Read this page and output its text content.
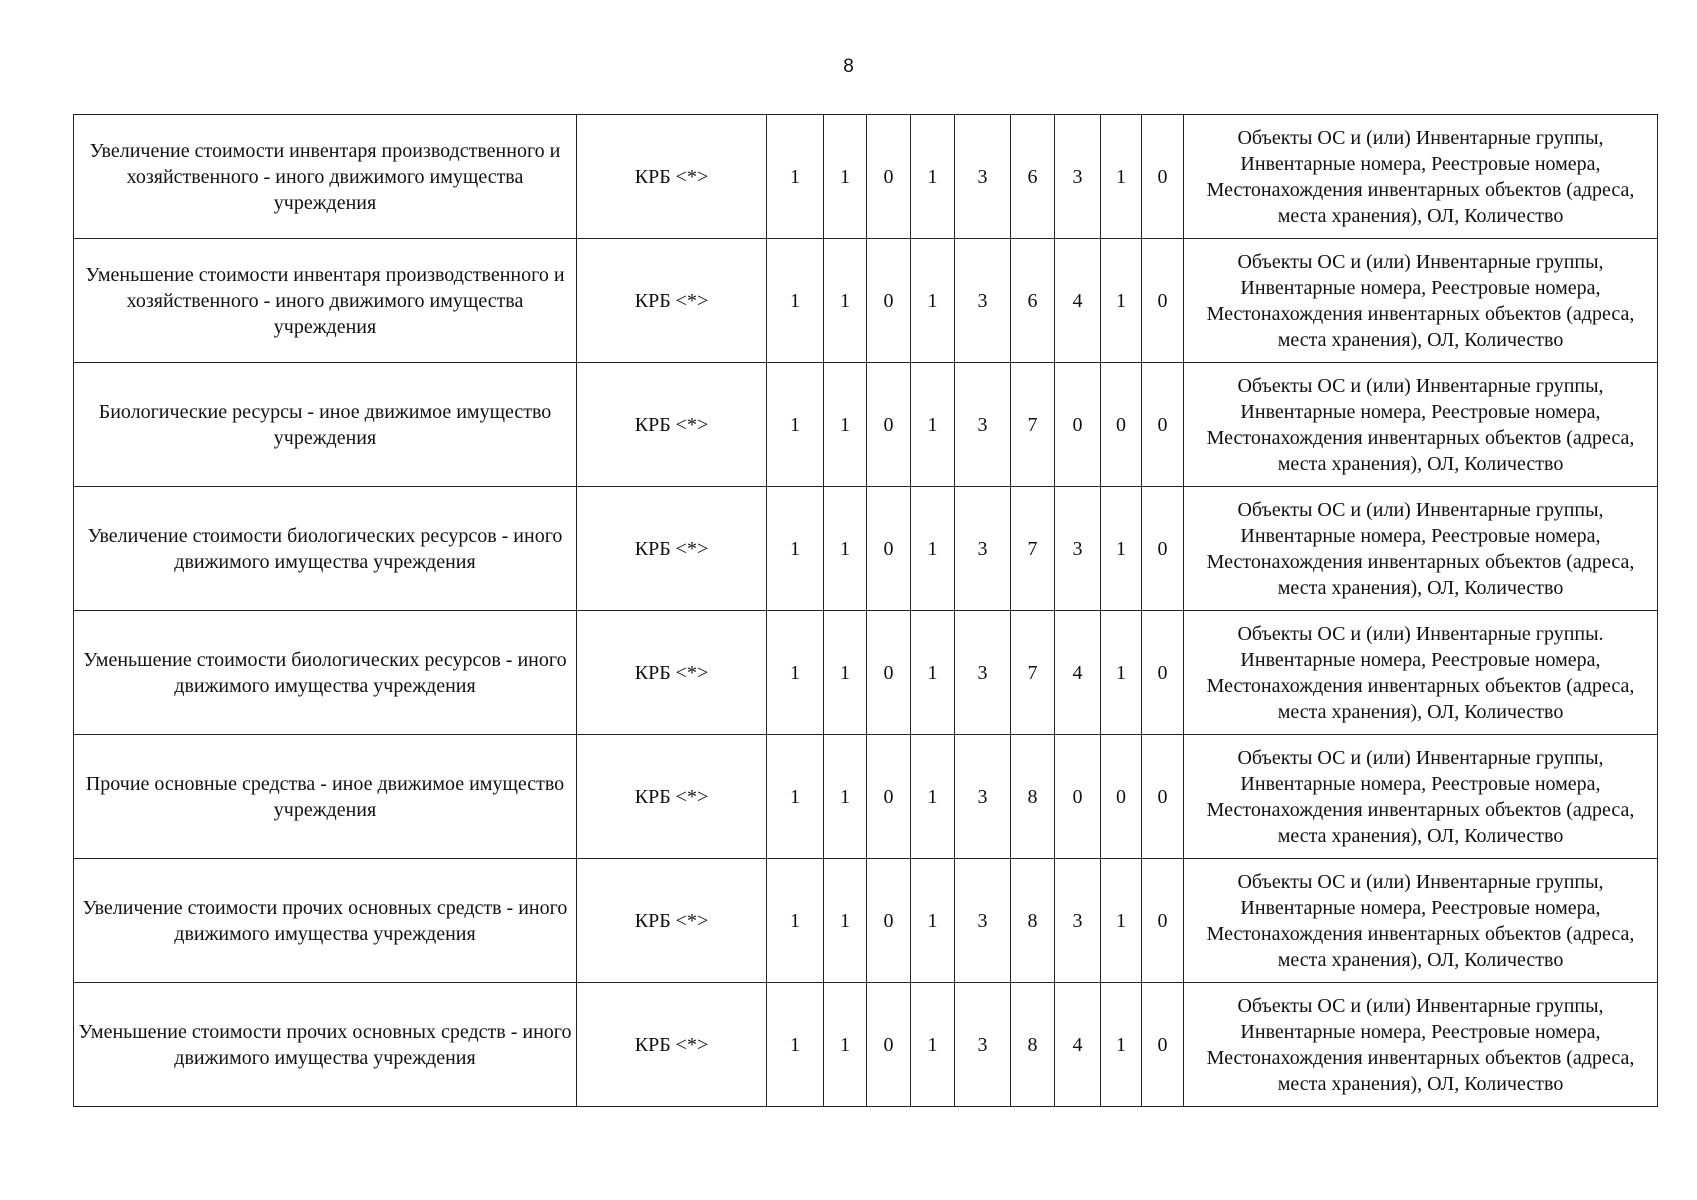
8
Увеличение стоимости инвентаря производственного и хозяйственного - иного движимого имущества учреждения	КРБ <*>	1	1	0	1	3	6	3	1	0	Объекты ОС и (или) Инвентарные группы, Инвентарные номера, Реестровые номера, Местонахождения инвентарных объектов (адреса, места хранения), ОЛ, Количество
Уменьшение стоимости инвентаря производственного и хозяйственного - иного движимого имущества учреждения	КРБ <*>	1	1	0	1	3	6	4	1	0	Объекты ОС и (или) Инвентарные группы, Инвентарные номера, Реестровые номера, Местонахождения инвентарных объектов (адреса, места хранения), ОЛ, Количество
Биологические ресурсы - иное движимое имущество учреждения	КРБ <*>	1	1	0	1	3	7	0	0	0	Объекты ОС и (или) Инвентарные группы, Инвентарные номера, Реестровые номера, Местонахождения инвентарных объектов (адреса, места хранения), ОЛ, Количество
Увеличение стоимости биологических ресурсов - иного движимого имущества учреждения	КРБ <*>	1	1	0	1	3	7	3	1	0	Объекты ОС и (или) Инвентарные группы, Инвентарные номера, Реестровые номера, Местонахождения инвентарных объектов (адреса, места хранения), ОЛ, Количество
Уменьшение стоимости биологических ресурсов - иного движимого имущества учреждения	КРБ <*>	1	1	0	1	3	7	4	1	0	Объекты ОС и (или) Инвентарные группы. Инвентарные номера, Реестровые номера, Местонахождения инвентарных объектов (адреса, места хранения), ОЛ, Количество
Прочие основные средства - иное движимое имущество учреждения	КРБ <*>	1	1	0	1	3	8	0	0	0	Объекты ОС и (или) Инвентарные группы, Инвентарные номера, Реестровые номера, Местонахождения инвентарных объектов (адреса, места хранения), ОЛ, Количество
Увеличение стоимости прочих основных средств - иного движимого имущества учреждения	КРБ <*>	1	1	0	1	3	8	3	1	0	Объекты ОС и (или) Инвентарные группы, Инвентарные номера, Реестровые номера, Местонахождения инвентарных объектов (адреса, места хранения), ОЛ, Количество
Уменьшение стоимости прочих основных средств - иного движимого имущества учреждения	КРБ <*>	1	1	0	1	3	8	4	1	0	Объекты ОС и (или) Инвентарные группы, Инвентарные номера, Реестровые номера, Местонахождения инвентарных объектов (адреса, места хранения), ОЛ, Количество
